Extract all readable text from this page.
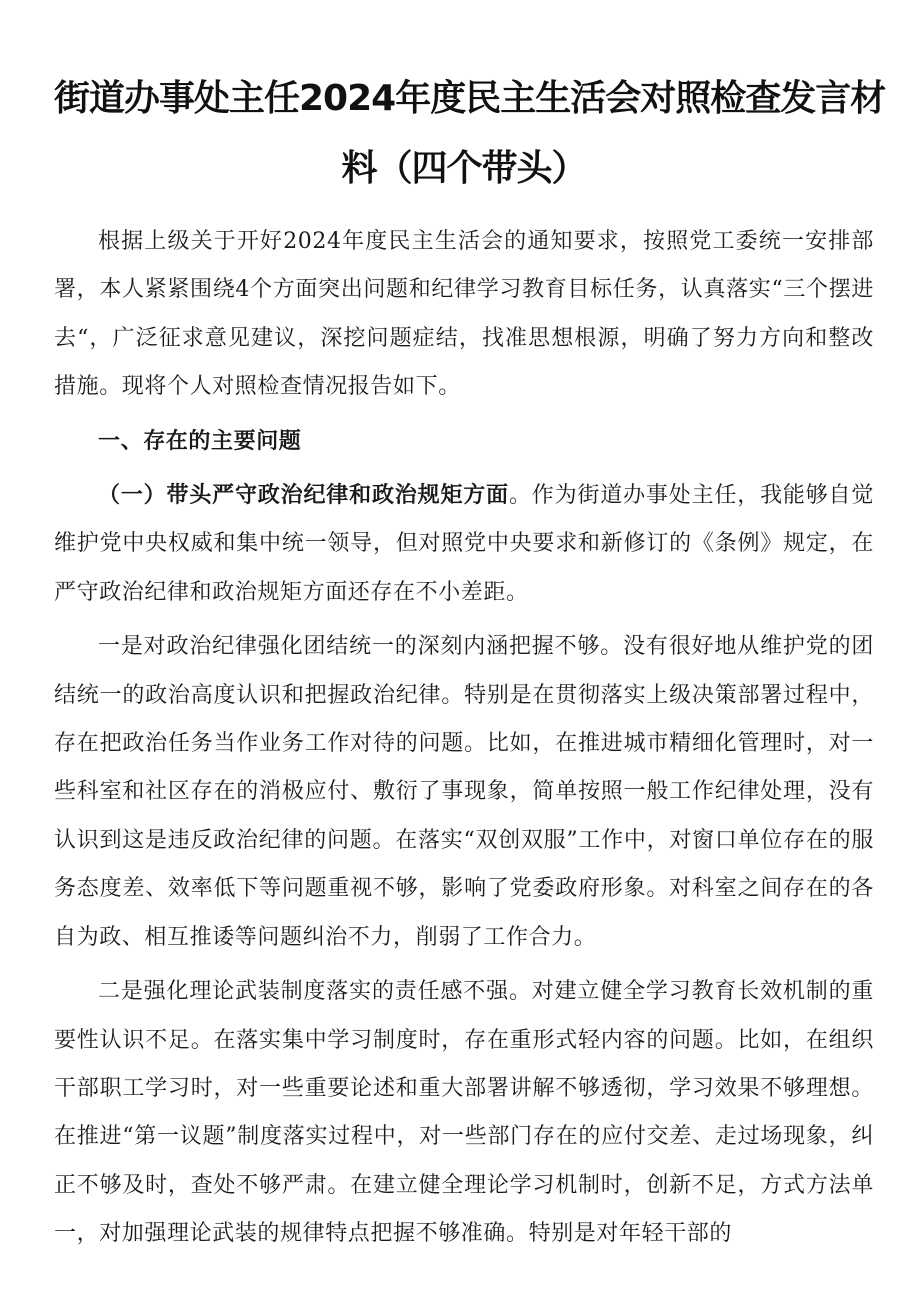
街道办事处主任2024年度民主生活会对照检查发言材
料（四个带头）

根据上级关于开好2024年度民主生活会的通知要求，按照党工委统一安排部署，本人紧紧围绕4个方面突出问题和纪律学习教育目标任务，认真落实“三个摆进去“，广泛征求意见建议，深挖问题症结，找准思想根源，明确了努力方向和整改措施。现将个人对照检查情况报告如下。

一、存在的主要问题

（一）带头严守政治纪律和政治规矩方面。作为街道办事处主任，我能够自觉维护党中央权威和集中统一领导，但对照党中央要求和新修订的《条例》规定，在严守政治纪律和政治规矩方面还存在不小差距。

一是对政治纪律强化团结统一的深刻内涵把握不够。没有很好地从维护党的团结统一的政治高度认识和把握政治纪律。特别是在贯彻落实上级决策部署过程中，存在把政治任务当作业务工作对待的问题。比如，在推进城市精细化管理时，对一些科室和社区存在的消极应付、敷衍了事现象，简单按照一般工作纪律处理，没有认识到这是违反政治纪律的问题。在落实“双创双服”工作中，对窗口单位存在的服务态度差、效率低下等问题重视不够，影响了党委政府形象。对科室之间存在的各自为政、相互推诿等问题纠治不力，削弱了工作合力。

二是强化理论武装制度落实的责任感不强。对建立健全学习教育长效机制的重要性认识不足。在落实集中学习制度时，存在重形式轻内容的问题。比如，在组织干部职工学习时，对一些重要论述和重大部署讲解不够透彻，学习效果不够理想。在推进“第一议题”制度落实过程中，对一些部门存在的应付交差、走过场现象，纠正不够及时，查处不够严肃。在建立健全理论学习机制时，创新不足，方式方法单一，对加强理论武装的规律特点把握不够准确。特别是对年轻干部的
